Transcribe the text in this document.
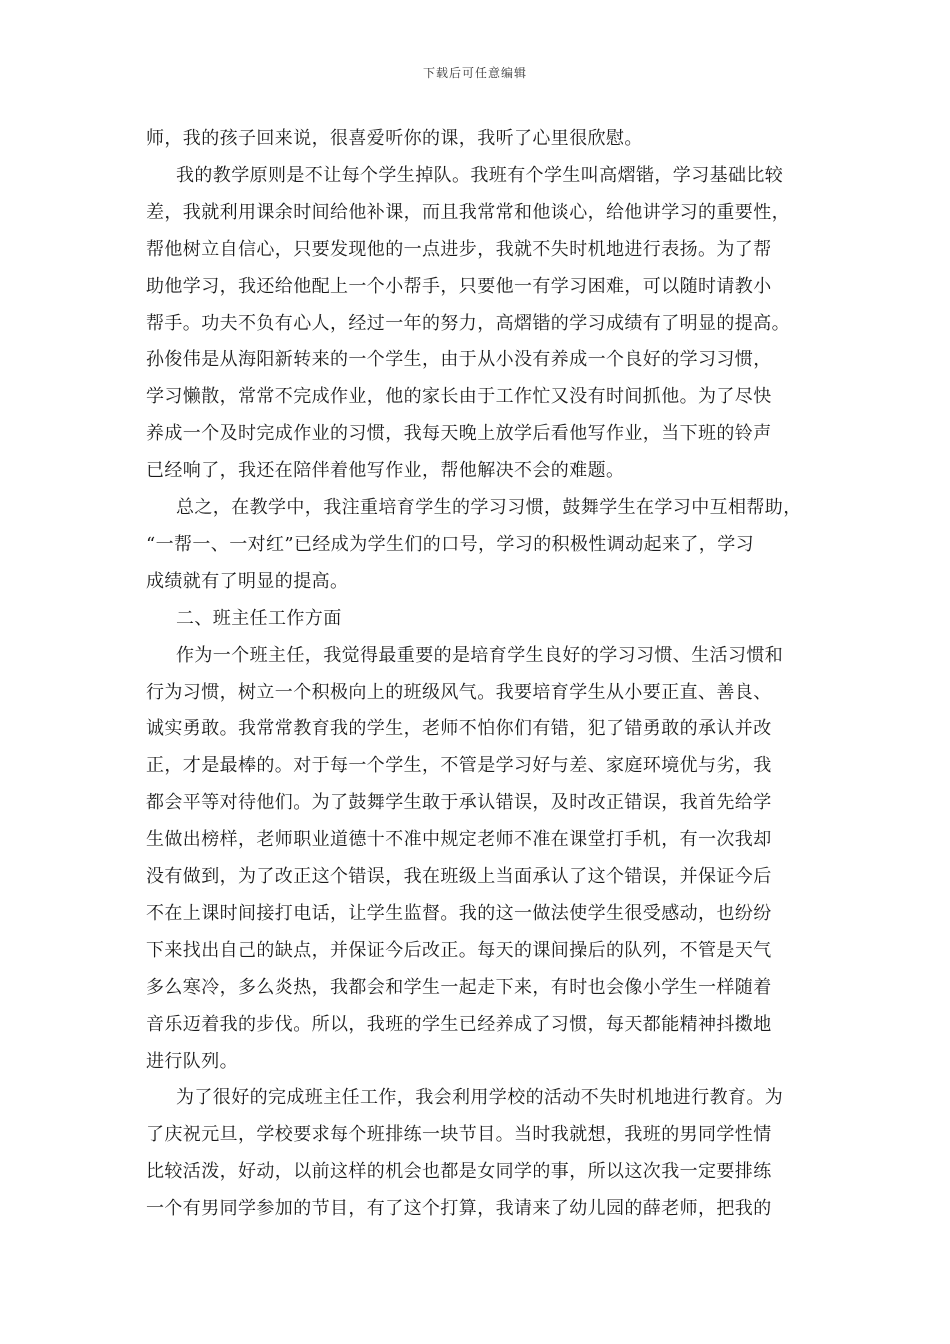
下载后可任意编辑

师，我的孩子回来说，很喜爱听你的课，我听了心里很欣慰。

我的教学原则是不让每个学生掉队。我班有个学生叫高熠锴，学习基础比较

差，我就利用课余时间给他补课，而且我常常和他谈心，给他讲学习的重要性，

帮他树立自信心，只要发现他的一点进步，我就不失时机地进行表扬。为了帮

助他学习，我还给他配上一个小帮手，只要他一有学习困难，可以随时请教小

帮手。功夫不负有心人，经过一年的努力，高熠锴的学习成绩有了明显的提高。

孙俊伟是从海阳新转来的一个学生，由于从小没有养成一个良好的学习习惯，

学习懒散，常常不完成作业，他的家长由于工作忙又没有时间抓他。为了尽快

养成一个及时完成作业的习惯，我每天晚上放学后看他写作业，当下班的铃声

已经响了，我还在陪伴着他写作业，帮他解决不会的难题。

总之，在教学中，我注重培育学生的学习习惯，鼓舞学生在学习中互相帮助，

“一帮一、一对红”已经成为学生们的口号，学习的积极性调动起来了，学习

成绩就有了明显的提高。

二、班主任工作方面

作为一个班主任，我觉得最重要的是培育学生良好的学习习惯、生活习惯和

行为习惯，树立一个积极向上的班级风气。我要培育学生从小要正直、善良、

诚实勇敢。我常常教育我的学生，老师不怕你们有错，犯了错勇敢的承认并改

正，才是最棒的。对于每一个学生，不管是学习好与差、家庭环境优与劣，我

都会平等对待他们。为了鼓舞学生敢于承认错误，及时改正错误，我首先给学

生做出榜样，老师职业道德十不准中规定老师不准在课堂打手机，有一次我却

没有做到，为了改正这个错误，我在班级上当面承认了这个错误，并保证今后

不在上课时间接打电话，让学生监督。我的这一做法使学生很受感动，也纷纷

下来找出自己的缺点，并保证今后改正。每天的课间操后的队列，不管是天气

多么寒冷，多么炎热，我都会和学生一起走下来，有时也会像小学生一样随着

音乐迈着我的步伐。所以，我班的学生已经养成了习惯，每天都能精神抖擞地

进行队列。

为了很好的完成班主任工作，我会利用学校的活动不失时机地进行教育。为

了庆祝元旦，学校要求每个班排练一块节目。当时我就想，我班的男同学性情

比较活泼，好动，以前这样的机会也都是女同学的事，所以这次我一定要排练

一个有男同学参加的节目，有了这个打算，我请来了幼儿园的薛老师，把我的
